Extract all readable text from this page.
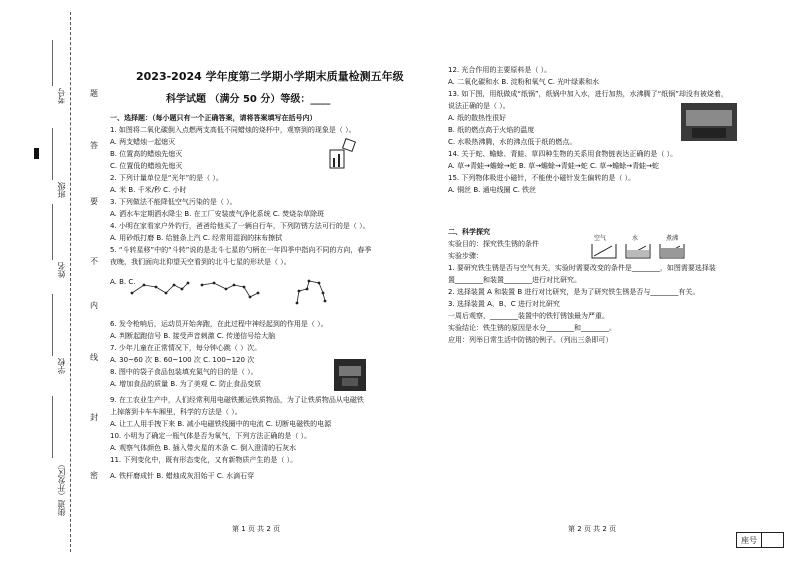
考号
班级
姓名
学校
街道（开发区）
题
答
要
不
内
线
封
密
2023-2024 学年度第二学期小学期末质量检测五年级
科学试题 （满分 50 分）等级：____
一、选择题：（每小题只有一个正确答案，请将答案填写在括号内）
1. 如图将二氧化碳倒入点燃两支高低不同蜡烛的烧杯中，观察到的现象是（ ）。
A. 两支蜡烛一起熄灭
B. 位置高的蜡烛先熄灭
C. 位置低的蜡烛先熄灭
2. 下列计量单位是“光年”的是（ ）。
A. 米 B. 千米/秒 C. 小时
3. 下列做法不能降低空气污染的是（ ）。
A. 洒水车定期洒水降尘 B. 在工厂安装废气净化系统 C. 焚烧杂草除斑
4. 小明在家看家户外钓行，爸爸给他买了一辆自行车，下列防锈方法可行的是（ ）。
A. 用砂纸打磨 B. 给链条上汽 C. 经常用湿润的抹布擦拭
5. “斗转星移”中的“斗转”说的是北斗七星的勺柄在一年四季中指向不同的方向，春季
夜晚，我们面向北仰望天空看到的北斗七星的形状是（ ）。
A. B. C.
6. 发令枪响后，运动员开始奔跑，在此过程中神经起到的作用是（ ）。
A. 判断起跑信号 B. 接受声音刺激 C. 传递信号给大脑
7. 少年儿童在正常情况下，每分钟心跳（ ）次。
A. 30~60 次 B. 60~100 次 C. 100~120 次
8. 图中的袋子食品包装填充氮气的目的是（ ）。
A. 增加食品的质量 B. 为了美观 C. 防止食品变质
9. 在工农业生产中，人们经常利用电磁铁搬运铁质物品，为了让铁质物品从电磁铁
上掉落到卡车车厢里，科学的方法是（ ）。
A. 让工人用手拽下来 B. 减小电磁铁线圈中的电流 C. 切断电磁铁的电源
10. 小明为了确定一瓶气体是否为氧气，下列方法正确的是（ ）。
A. 观察气体颜色 B. 插入带火星的木条 C. 倒入澄清的石灰水
11. 下列变化中，既有形态变化，又有新物质产生的是（ ）。
A. 铁杆磨成针 B. 蜡烛成灰泪始干 C. 水滴石穿
第 1 页 共 2 页
12. 光合作用的主要原料是（ ）。
A. 二氧化碳和水 B. 淀粉和氧气 C. 光叶绿素和水
13. 如下图，用纸做成“纸锅”，纸锅中加入水，进行加热，水沸腾了“纸锅”却没有被烧着，
说法正确的是（ ）。
A. 纸的散热性很好
B. 纸的燃点高于火焰的温度
C. 水吸热沸腾，水的沸点低于纸的燃点。
14. 关于蛇、蟾蜍、青蛙、草四种生物的关系用食物链表达正确的是（ ）。
A. 草→青蛙→蟾蜍→蛇 B. 草→蟾蜍→青蛙→蛇 C. 草→蟾蜍→青蛙→蛇
15. 下列物体吸进小磁针，不能使小磁针发生偏转的是（ ）。
A. 铜丝 B. 通电线圈 C. 铁丝
二、科学探究
实验目的：探究铁生锈的条件
实验步骤：
1. 要研究铁生锈是否与空气有关，实验时需要改变的条件是________，如图需要选择装
置________和装置________进行对比研究。
2. 选择装置 A 和装置 B 进行对比研究，是为了研究铁生锈是否与________有关。
3. 选择装置 A、B、C 进行对比研究
一周后观察，________装置中的铁钉锈蚀最为严重。
实验结论：铁生锈的原因是水分________和________。
应用：列举日常生活中防锈的例子。（列出三条即可）
空气	水	煮沸
第 2 页 共 2 页
座号
